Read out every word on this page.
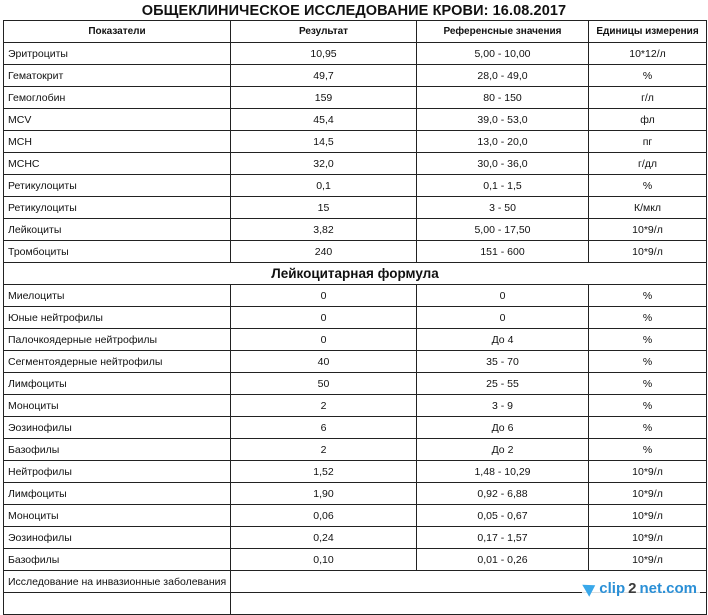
ОБЩЕКЛИНИЧЕСКОЕ ИССЛЕДОВАНИЕ КРОВИ: 16.08.2017
Показатели	Результат	Референсные значения	Единицы измерения
Эритроциты	10,95	5,00 - 10,00	10*12/л
Гематокрит	49,7	28,0 - 49,0	%
Гемоглобин	159	80 - 150	г/л
MCV	45,4	39,0 - 53,0	фл
MCH	14,5	13,0 - 20,0	пг
MCHC	32,0	30,0 - 36,0	г/дл
Ретикулоциты	0,1	0,1 - 1,5	%
Ретикулоциты	15	3 - 50	К/мкл
Лейкоциты	3,82	5,00 - 17,50	10*9/л
Тромбоциты	240	151 - 600	10*9/л
Лейкоцитарная формула			
Миелоциты	0	0	%
Юные нейтрофилы	0	0	%
Палочкоядерные нейтрофилы	0	До 4	%
Сегментоядерные нейтрофилы	40	35 - 70	%
Лимфоциты	50	25 - 55	%
Моноциты	2	3 - 9	%
Эозинофилы	6	До 6	%
Базофилы	2	До 2	%
Нейтрофилы	1,52	1,48 - 10,29	10*9/л
Лимфоциты	1,90	0,92 - 6,88	10*9/л
Моноциты	0,06	0,05 - 0,67	10*9/л
Эозинофилы	0,24	0,17 - 1,57	10*9/л
Базофилы	0,10	0,01 - 0,26	10*9/л
Исследование на инвазионные заболевания			
		clip 2 net.com
